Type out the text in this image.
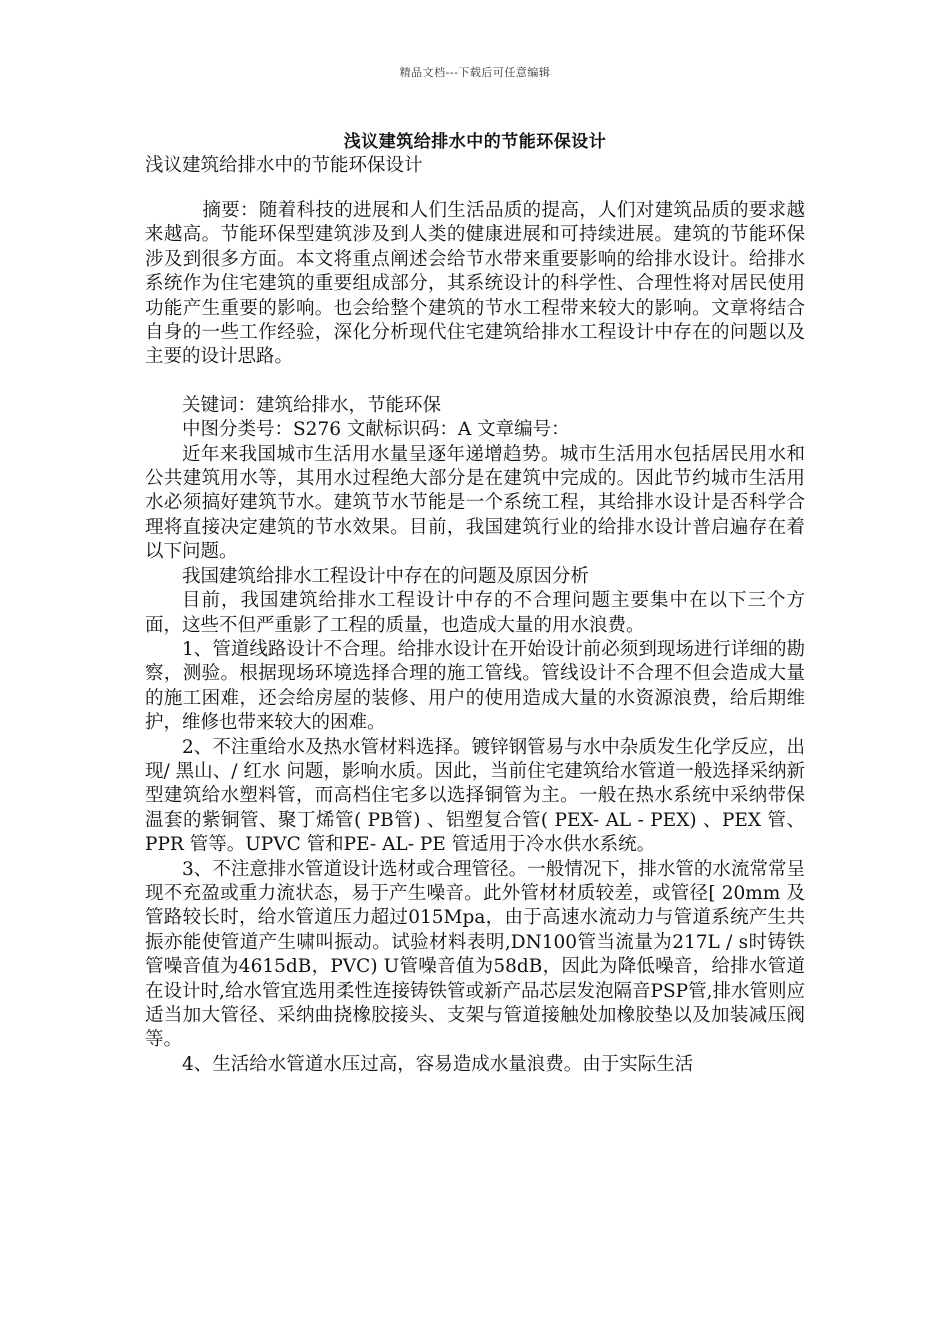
精品文档---下载后可任意编辑
浅议建筑给排水中的节能环保设计
浅议建筑给排水中的节能环保设计

摘要：随着科技的进展和人们生活品质的提高，人们对建筑品质的要求越来越高。节能环保型建筑涉及到人类的健康进展和可持续进展。建筑的节能环保涉及到很多方面。本文将重点阐述会给节水带来重要影响的给排水设计。给排水系统作为住宅建筑的重要组成部分，其系统设计的科学性、合理性将对居民使用功能产生重要的影响。也会给整个建筑的节水工程带来较大的影响。文章将结合自身的一些工作经验，深化分析现代住宅建筑给排水工程设计中存在的问题以及主要的设计思路。

关键词：建筑给排水，节能环保

中图分类号：S276 文献标识码：A 文章编号：

近年来我国城市生活用水量呈逐年递增趋势。城市生活用水包括居民用水和公共建筑用水等，其用水过程绝大部分是在建筑中完成的。因此节约城市生活用水必须搞好建筑节水。建筑节水节能是一个系统工程，其给排水设计是否科学合理将直接决定建筑的节水效果。目前，我国建筑行业的给排水设计普启遍存在着以下问题。

我国建筑给排水工程设计中存在的问题及原因分析

目前，我国建筑给排水工程设计中存的不合理问题主要集中在以下三个方面，这些不但严重影了工程的质量，也造成大量的用水浪费。

1、管道线路设计不合理。给排水设计在开始设计前必须到现场进行详细的勘察，测验。根据现场环境选择合理的施工管线。管线设计不合理不但会造成大量的施工困难，还会给房屋的装修、用户的使用造成大量的水资源浪费，给后期维护，维修也带来较大的困难。

2、不注重给水及热水管材料选择。镀锌钢管易与水中杂质发生化学反应，出现/ 黑山、/ 红水 问题，影响水质。因此，当前住宅建筑给水管道一般选择采纳新型建筑给水塑料管，而高档住宅多以选择铜管为主。一般在热水系统中采纳带保温套的紫铜管、聚丁烯管( PB管) 、铝塑复合管( PEX- AL - PEX) 、PEX 管、PPR 管等。UPVC 管和PE- AL- PE 管适用于冷水供水系统。

3、不注意排水管道设计选材或合理管径。一般情况下，排水管的水流常常呈现不充盈或重力流状态，易于产生噪音。此外管材材质较差，或管径[ 20mm 及管路较长时，给水管道压力超过015Mpa，由于高速水流动力与管道系统产生共振亦能使管道产生啸叫振动。试验材料表明,DN100管当流量为217L / s时铸铁管噪音值为4615dB，PVC) U管噪音值为58dB，因此为降低噪音，给排水管道在设计时,给水管宜选用柔性连接铸铁管或新产品芯层发泡隔音PSP管,排水管则应适当加大管径、采纳曲挠橡胶接头、支架与管道接触处加橡胶垫以及加装减压阀等。

4、生活给水管道水压过高，容易造成水量浪费。由于实际生活
